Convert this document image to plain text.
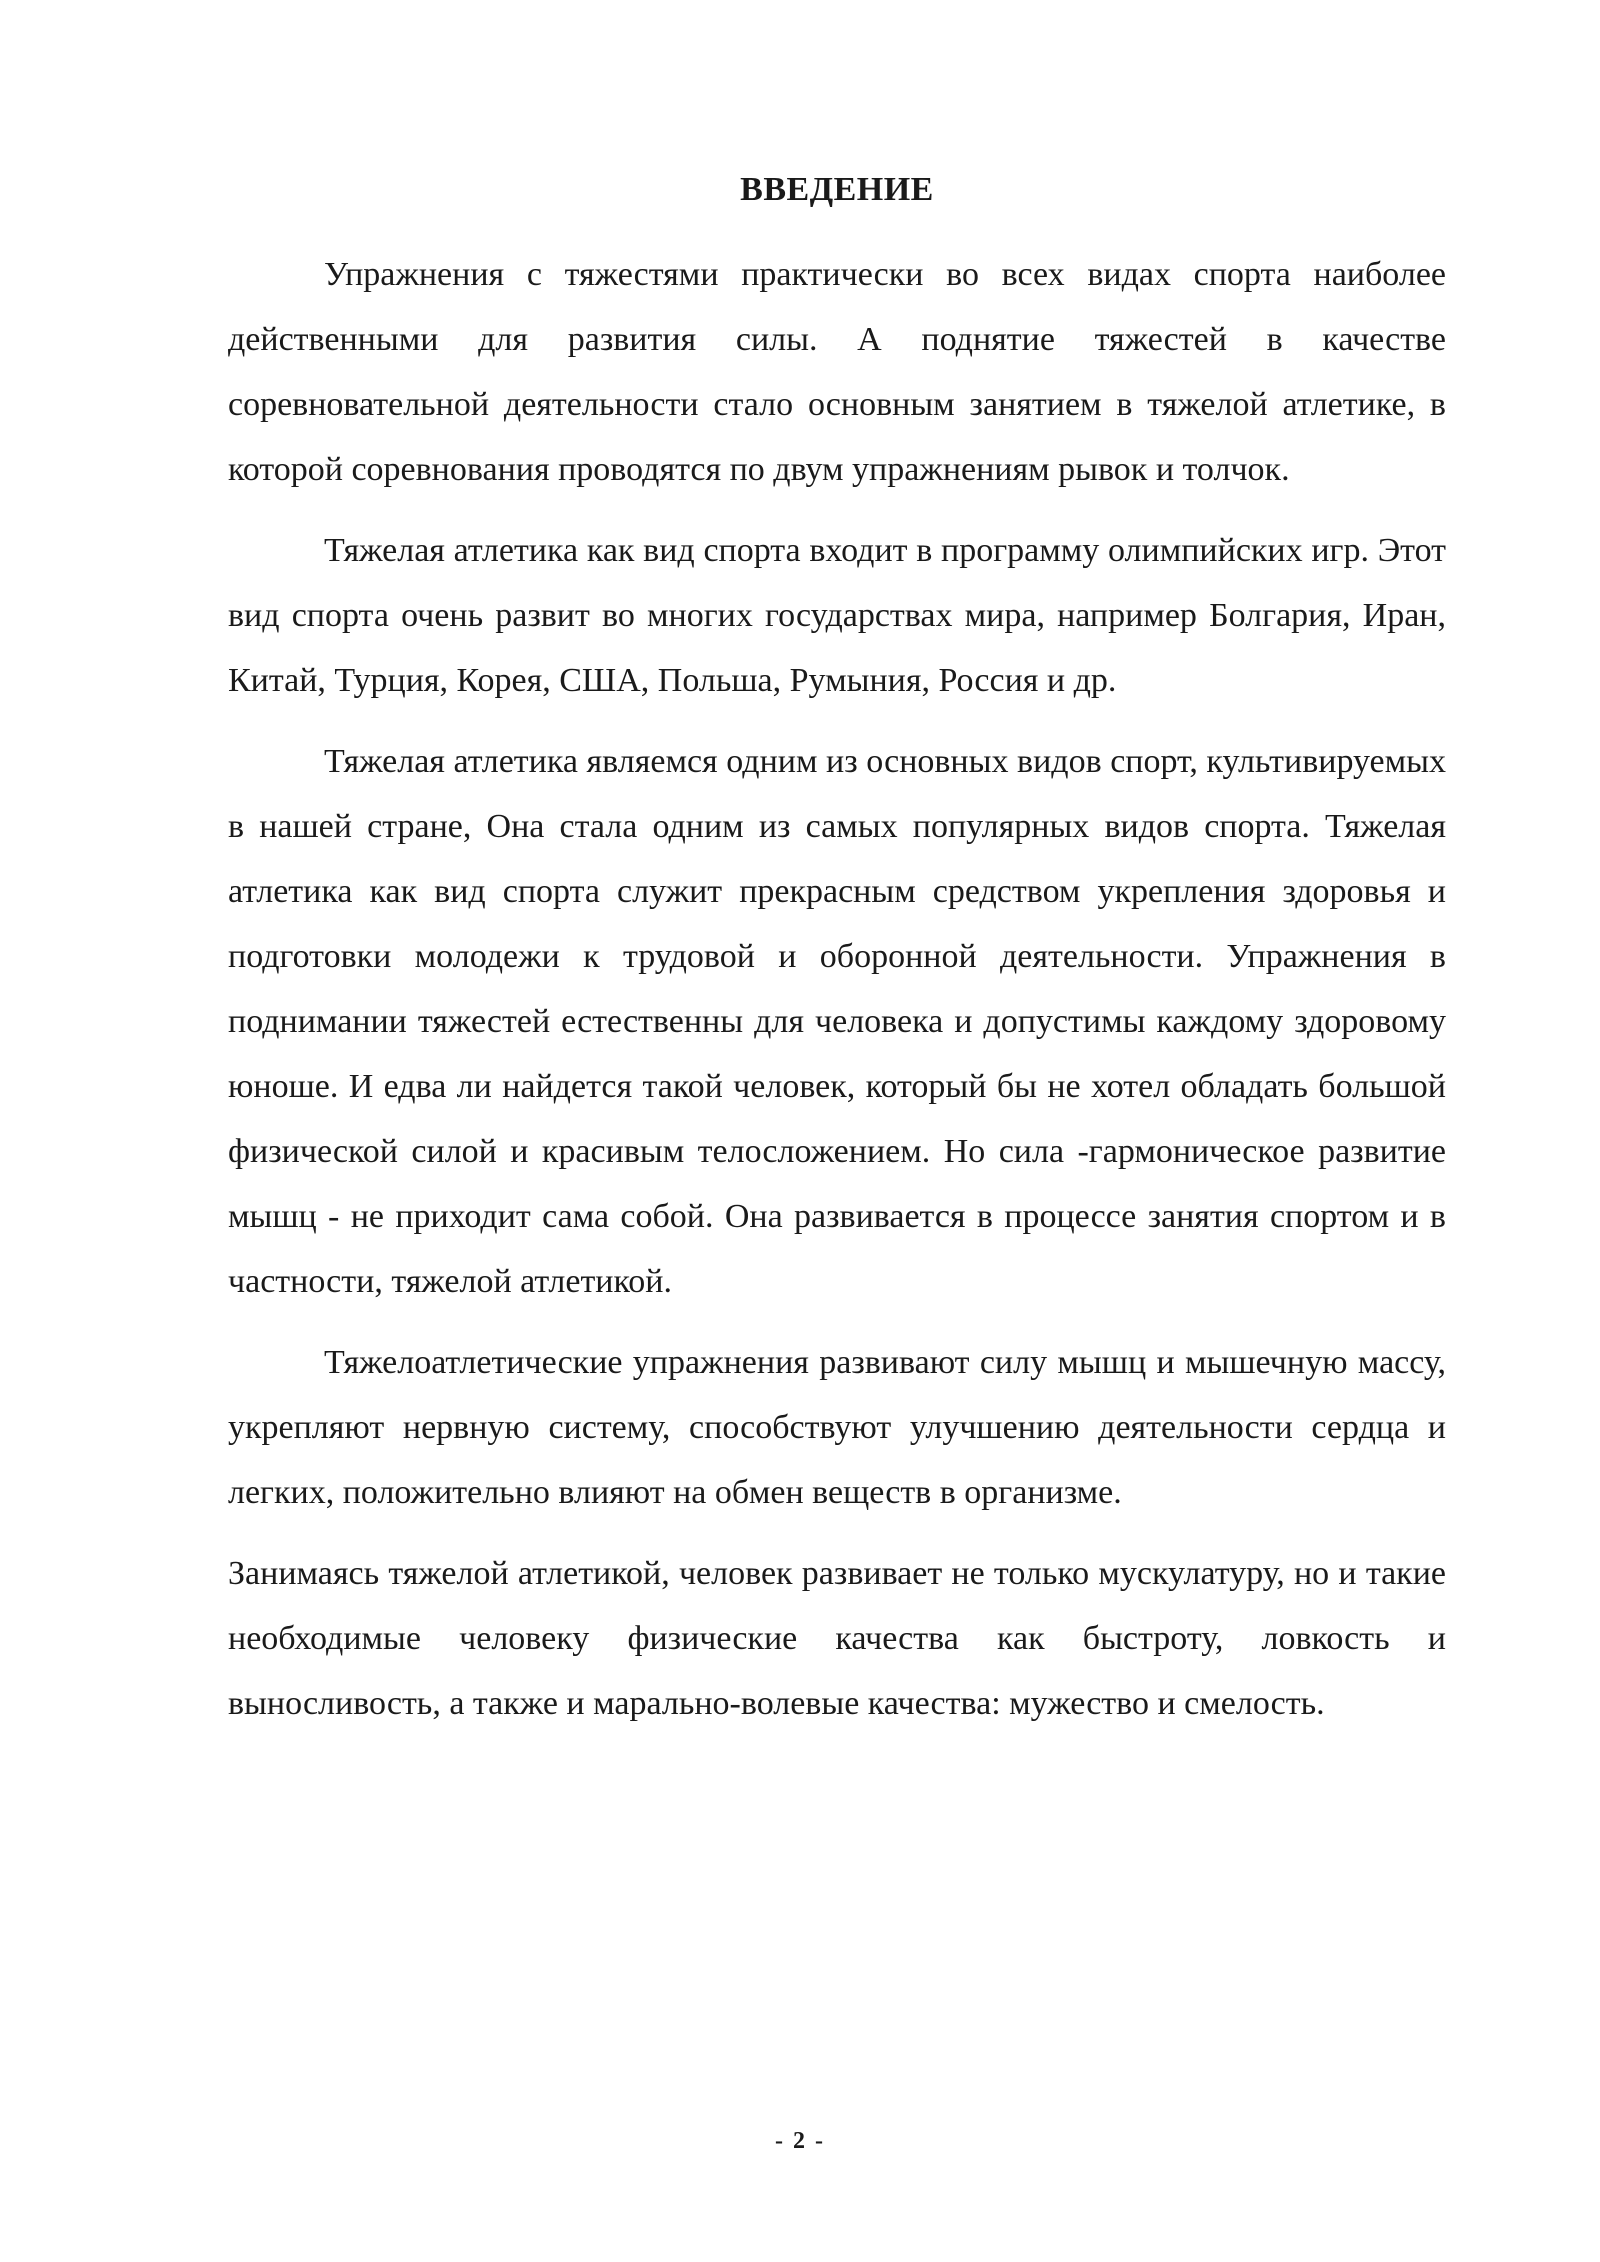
ВВЕДЕНИЕ

Упражнения с тяжестями практически во всех видах спорта наиболее действенными для развития силы. А поднятие тяжестей в качестве соревновательной деятельности стало основным занятием в тяжелой атлетике, в которой соревнования проводятся по двум упражнениям рывок и толчок.

Тяжелая атлетика как вид спорта входит в программу олимпийских игр. Этот вид спорта очень развит во многих государствах мира, например Болгария, Иран, Китай, Турция, Корея, США, Польша, Румыния, Россия и др.

Тяжелая атлетика являемся одним из основных видов спорт, культивируемых в нашей стране, Она стала одним из самых популярных видов спорта. Тяжелая атлетика как вид спорта служит прекрасным средством укрепления здоровья и подготовки молодежи к трудовой и оборонной деятельности. Упражнения в поднимании тяжестей естественны для человека и допустимы каждому здоровому юноше. И едва ли найдется такой человек, который бы не хотел обладать большой физической силой и красивым телосложением. Но сила -гармоническое развитие мышц - не приходит сама собой. Она развивается в процессе занятия спортом и в частности, тяжелой атлетикой.

Тяжелоатлетические упражнения развивают силу мышц и мышечную массу, укрепляют нервную систему, способствуют улучшению деятельности сердца и легких, положительно влияют на обмен веществ в организме.

Занимаясь тяжелой атлетикой, человек развивает не только мускулатуру, но и такие необходимые человеку физические качества как быстроту, ловкость и выносливость, а также и марально-волевые качества: мужество и смелость.

- 2 -
